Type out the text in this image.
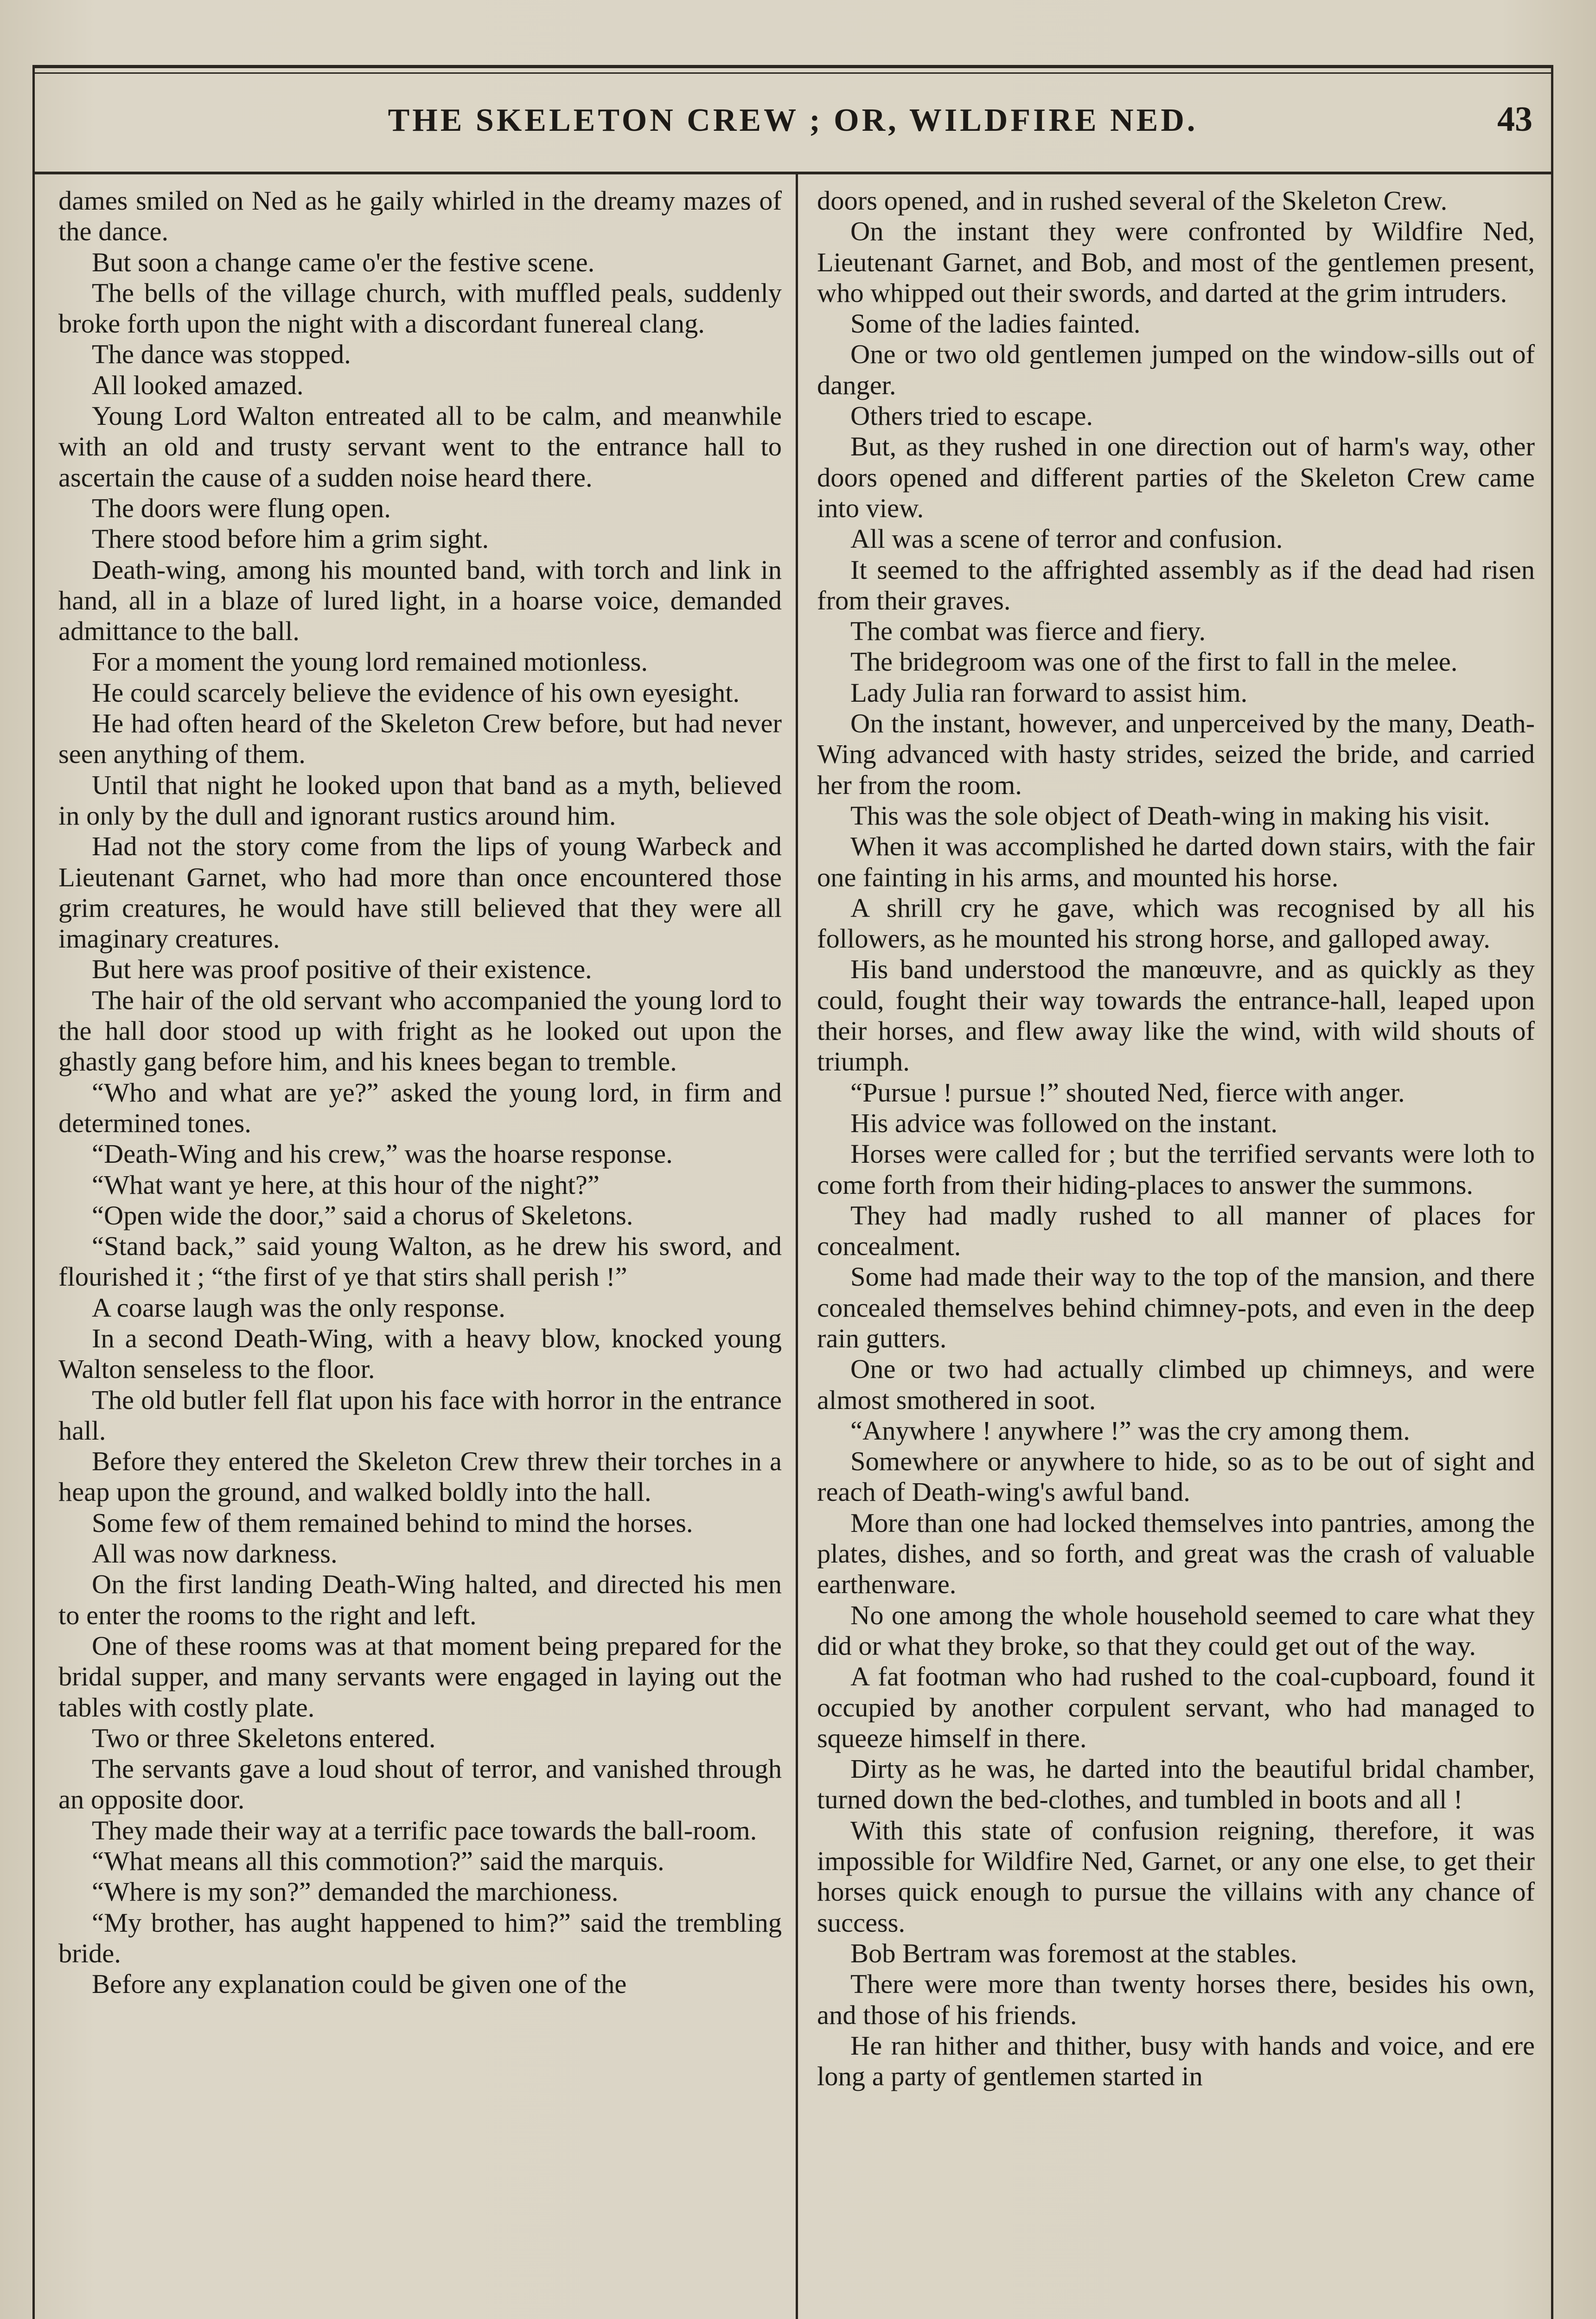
THE SKELETON CREW ; OR, WILDFIRE NED.	43

dames smiled on Ned as he gaily whirled in the dreamy mazes of the dance.

But soon a change came o'er the festive scene.

The bells of the village church, with muffled peals, suddenly broke forth upon the night with a discordant funereal clang.

The dance was stopped.

All looked amazed.

Young Lord Walton entreated all to be calm, and meanwhile with an old and trusty servant went to the entrance hall to ascertain the cause of a sudden noise heard there.

The doors were flung open.

There stood before him a grim sight.

Death-wing, among his mounted band, with torch and link in hand, all in a blaze of lured light, in a hoarse voice, demanded admittance to the ball.

For a moment the young lord remained motionless.

He could scarcely believe the evidence of his own eyesight.

He had often heard of the Skeleton Crew before, but had never seen anything of them.

Until that night he looked upon that band as a myth, believed in only by the dull and ignorant rustics around him.

Had not the story come from the lips of young Warbeck and Lieutenant Garnet, who had more than once encountered those grim creatures, he would have still believed that they were all imaginary creatures.

But here was proof positive of their existence.

The hair of the old servant who accompanied the young lord to the hall door stood up with fright as he looked out upon the ghastly gang before him, and his knees began to tremble.

“Who and what are ye?” asked the young lord, in firm and determined tones.

“Death-Wing and his crew,” was the hoarse response.

“What want ye here, at this hour of the night?”

“Open wide the door,” said a chorus of Skeletons.

“Stand back,” said young Walton, as he drew his sword, and flourished it ; “the first of ye that stirs shall perish !”

A coarse laugh was the only response.

In a second Death-Wing, with a heavy blow, knocked young Walton senseless to the floor.

The old butler fell flat upon his face with horror in the entrance hall.

Before they entered the Skeleton Crew threw their torches in a heap upon the ground, and walked boldly into the hall.

Some few of them remained behind to mind the horses.

All was now darkness.

On the first landing Death-Wing halted, and directed his men to enter the rooms to the right and left.

One of these rooms was at that moment being prepared for the bridal supper, and many servants were engaged in laying out the tables with costly plate.

Two or three Skeletons entered.

The servants gave a loud shout of terror, and vanished through an opposite door.

They made their way at a terrific pace towards the ball-room.

“What means all this commotion?” said the marquis.

“Where is my son?” demanded the marchioness.

“My brother, has aught happened to him?” said the trembling bride.

Before any explanation could be given one of the

doors opened, and in rushed several of the Skeleton Crew.

On the instant they were confronted by Wildfire Ned, Lieutenant Garnet, and Bob, and most of the gentlemen present, who whipped out their swords, and darted at the grim intruders.

Some of the ladies fainted.

One or two old gentlemen jumped on the window-sills out of danger.

Others tried to escape.

But, as they rushed in one direction out of harm's way, other doors opened and different parties of the Skeleton Crew came into view.

All was a scene of terror and confusion.

It seemed to the affrighted assembly as if the dead had risen from their graves.

The combat was fierce and fiery.

The bridegroom was one of the first to fall in the melee.

Lady Julia ran forward to assist him.

On the instant, however, and unperceived by the many, Death-Wing advanced with hasty strides, seized the bride, and carried her from the room.

This was the sole object of Death-wing in making his visit.

When it was accomplished he darted down stairs, with the fair one fainting in his arms, and mounted his horse.

A shrill cry he gave, which was recognised by all his followers, as he mounted his strong horse, and galloped away.

His band understood the manœuvre, and as quickly as they could, fought their way towards the entrance-hall, leaped upon their horses, and flew away like the wind, with wild shouts of triumph.

“Pursue ! pursue !” shouted Ned, fierce with anger.

His advice was followed on the instant.

Horses were called for ; but the terrified servants were loth to come forth from their hiding-places to answer the summons.

They had madly rushed to all manner of places for concealment.

Some had made their way to the top of the mansion, and there concealed themselves behind chimney-pots, and even in the deep rain gutters.

One or two had actually climbed up chimneys, and were almost smothered in soot.

“Anywhere ! anywhere !” was the cry among them.

Somewhere or anywhere to hide, so as to be out of sight and reach of Death-wing's awful band.

More than one had locked themselves into pantries, among the plates, dishes, and so forth, and great was the crash of valuable earthenware.

No one among the whole household seemed to care what they did or what they broke, so that they could get out of the way.

A fat footman who had rushed to the coal-cupboard, found it occupied by another corpulent servant, who had managed to squeeze himself in there.

Dirty as he was, he darted into the beautiful bridal chamber, turned down the bed-clothes, and tumbled in boots and all !

With this state of confusion reigning, therefore, it was impossible for Wildfire Ned, Garnet, or any one else, to get their horses quick enough to pursue the villains with any chance of success.

Bob Bertram was foremost at the stables.

There were more than twenty horses there, besides his own, and those of his friends.

He ran hither and thither, busy with hands and voice, and ere long a party of gentlemen started in
